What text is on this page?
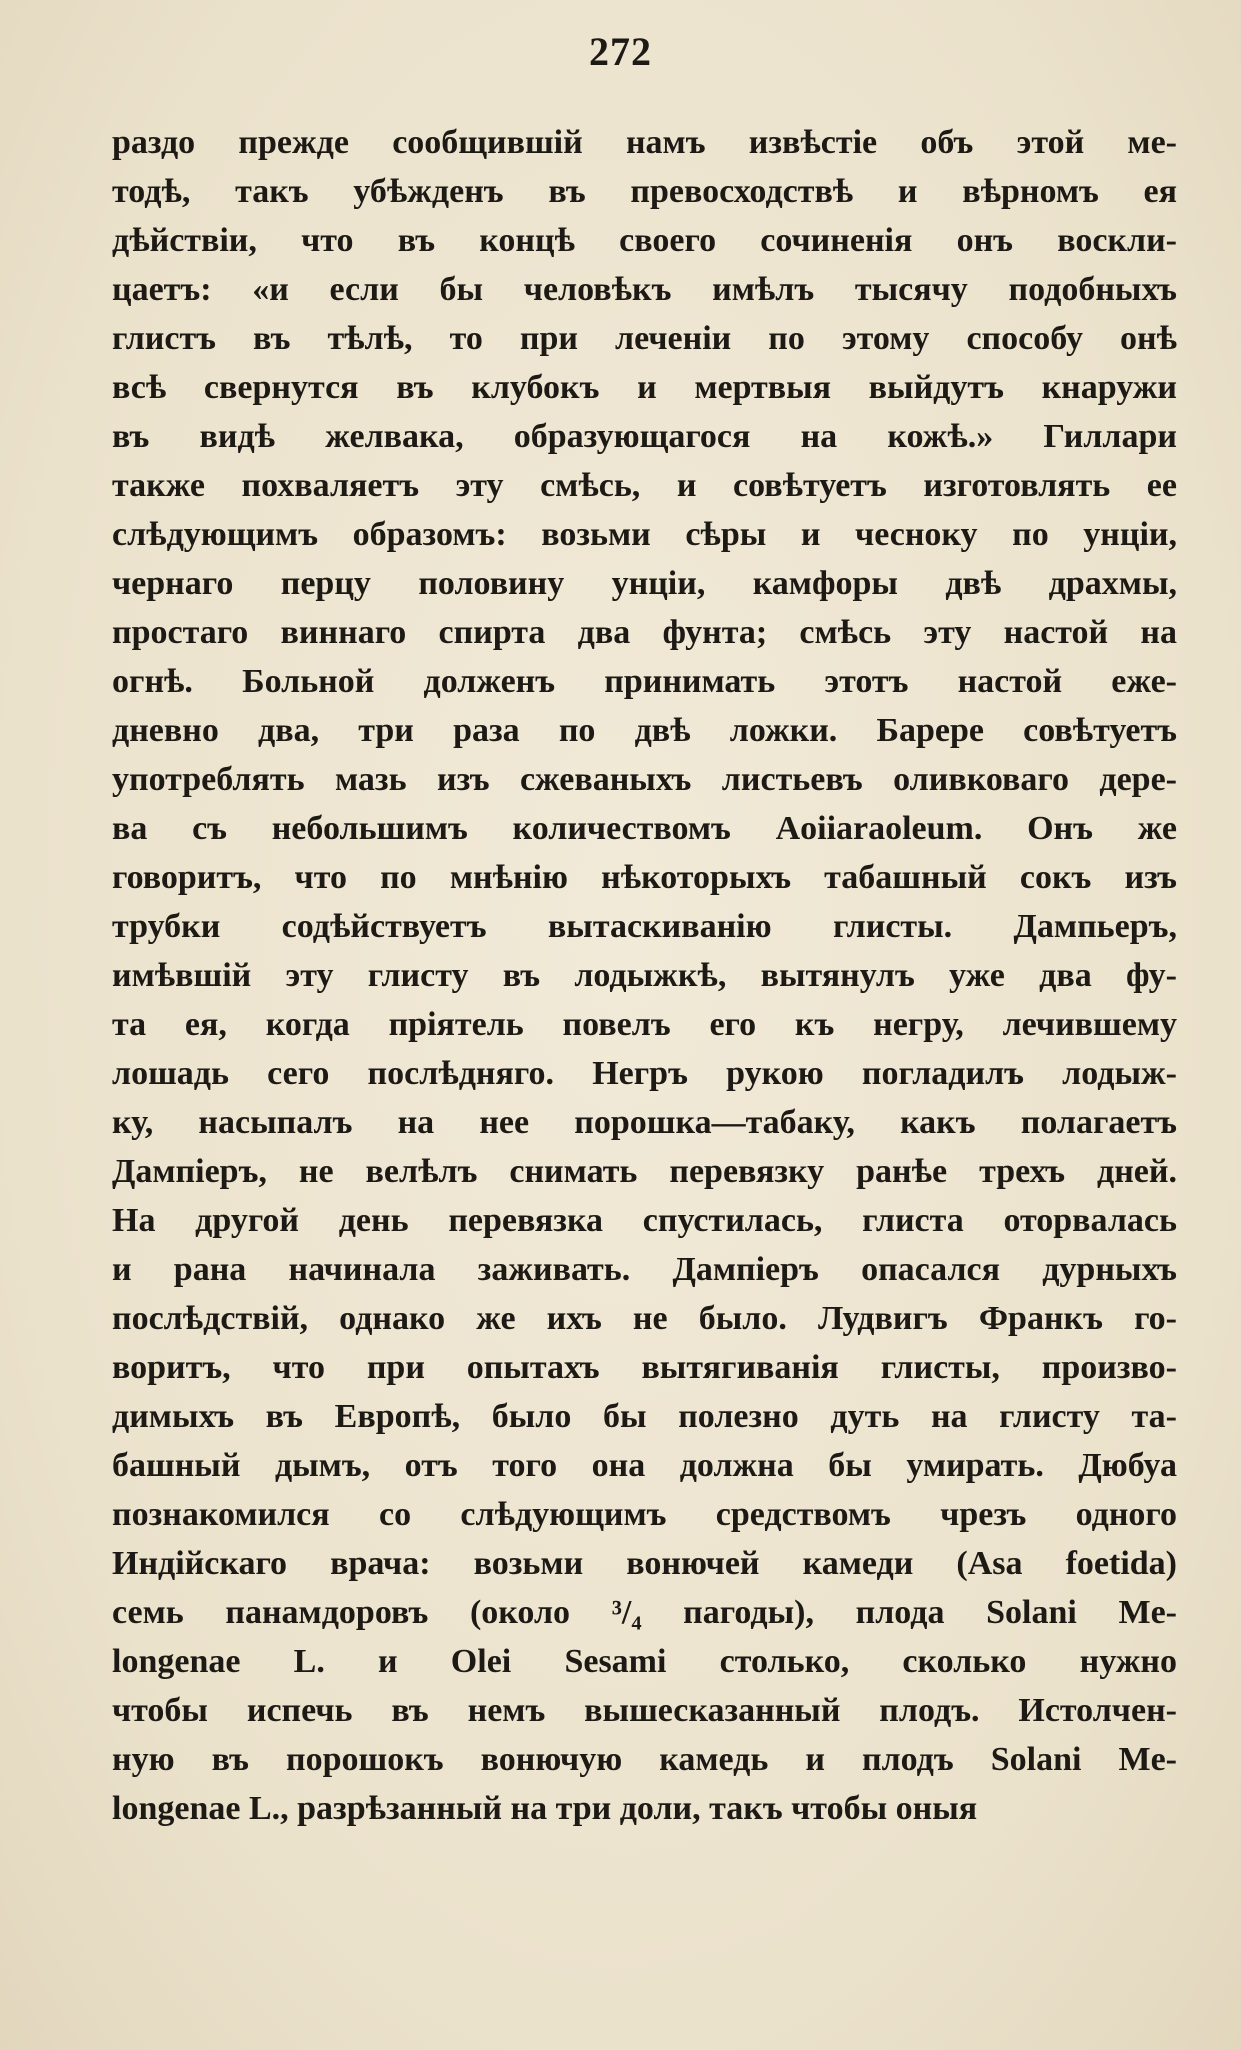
272
раздо прежде сообщившій намъ извѣстіе объ этой ме-
тодѣ, такъ убѣжденъ въ превосходствѣ и вѣрномъ ея
дѣйствіи, что въ концѣ своего сочиненія онъ воскли-
цаетъ: «и если бы человѣкъ имѣлъ тысячу подобныхъ
глистъ въ тѣлѣ, то при леченіи по этому способу онѣ
всѣ свернутся въ клубокъ и мертвыя выйдутъ кнаружи
въ видѣ желвака, образующагося на кожѣ.» Гиллари
также похваляетъ эту смѣсь, и совѣтуетъ изготовлять ее
слѣдующимъ образомъ: возьми сѣры и чесноку по унціи,
чернаго перцу половину унціи, камфоры двѣ драхмы,
простаго виннаго спирта два фунта; смѣсь эту настой на
огнѣ. Больной долженъ принимать этотъ настой еже-
дневно два, три раза по двѣ ложки. Барере совѣтуетъ
употреблять мазь изъ сжеваныхъ листьевъ оливковаго дере-
ва съ небольшимъ количествомъ Aoiiaraoleum. Онъ же
говоритъ, что по мнѣнію нѣкоторыхъ табашный сокъ изъ
трубки содѣйствуетъ вытаскиванію глисты. Дампьеръ,
имѣвшій эту глисту въ лодыжкѣ, вытянулъ уже два фу-
та ея, когда пріятель повелъ его къ негру, лечившему
лошадь сего послѣдняго. Негръ рукою погладилъ лодыж-
ку, насыпалъ на нее порошка—табаку, какъ полагаетъ
Дампіеръ, не велѣлъ снимать перевязку ранѣе трехъ дней.
На другой день перевязка спустилась, глиста оторвалась
и рана начинала заживать. Дампіеръ опасался дурныхъ
послѣдствій, однако же ихъ не было. Лудвигъ Франкъ го-
воритъ, что при опытахъ вытягиванія глисты, произво-
димыхъ въ Европѣ, было бы полезно дуть на глисту та-
башный дымъ, отъ того она должна бы умирать. Дюбуа
познакомился со слѣдующимъ средствомъ чрезъ одного
Индійскаго врача: возьми вонючей камеди (Asa foetida)
семь панамдоровъ (около ³/₄ пагоды), плода Solani Me-
longenae L. и Olei Sesami столько, сколько нужно
чтобы испечь въ немъ вышесказанный плодъ. Истолчен-
ную въ порошокъ вонючую камедь и плодъ Solani Me-
longenae L., разрѣзанный на три доли, такъ чтобы оныя
